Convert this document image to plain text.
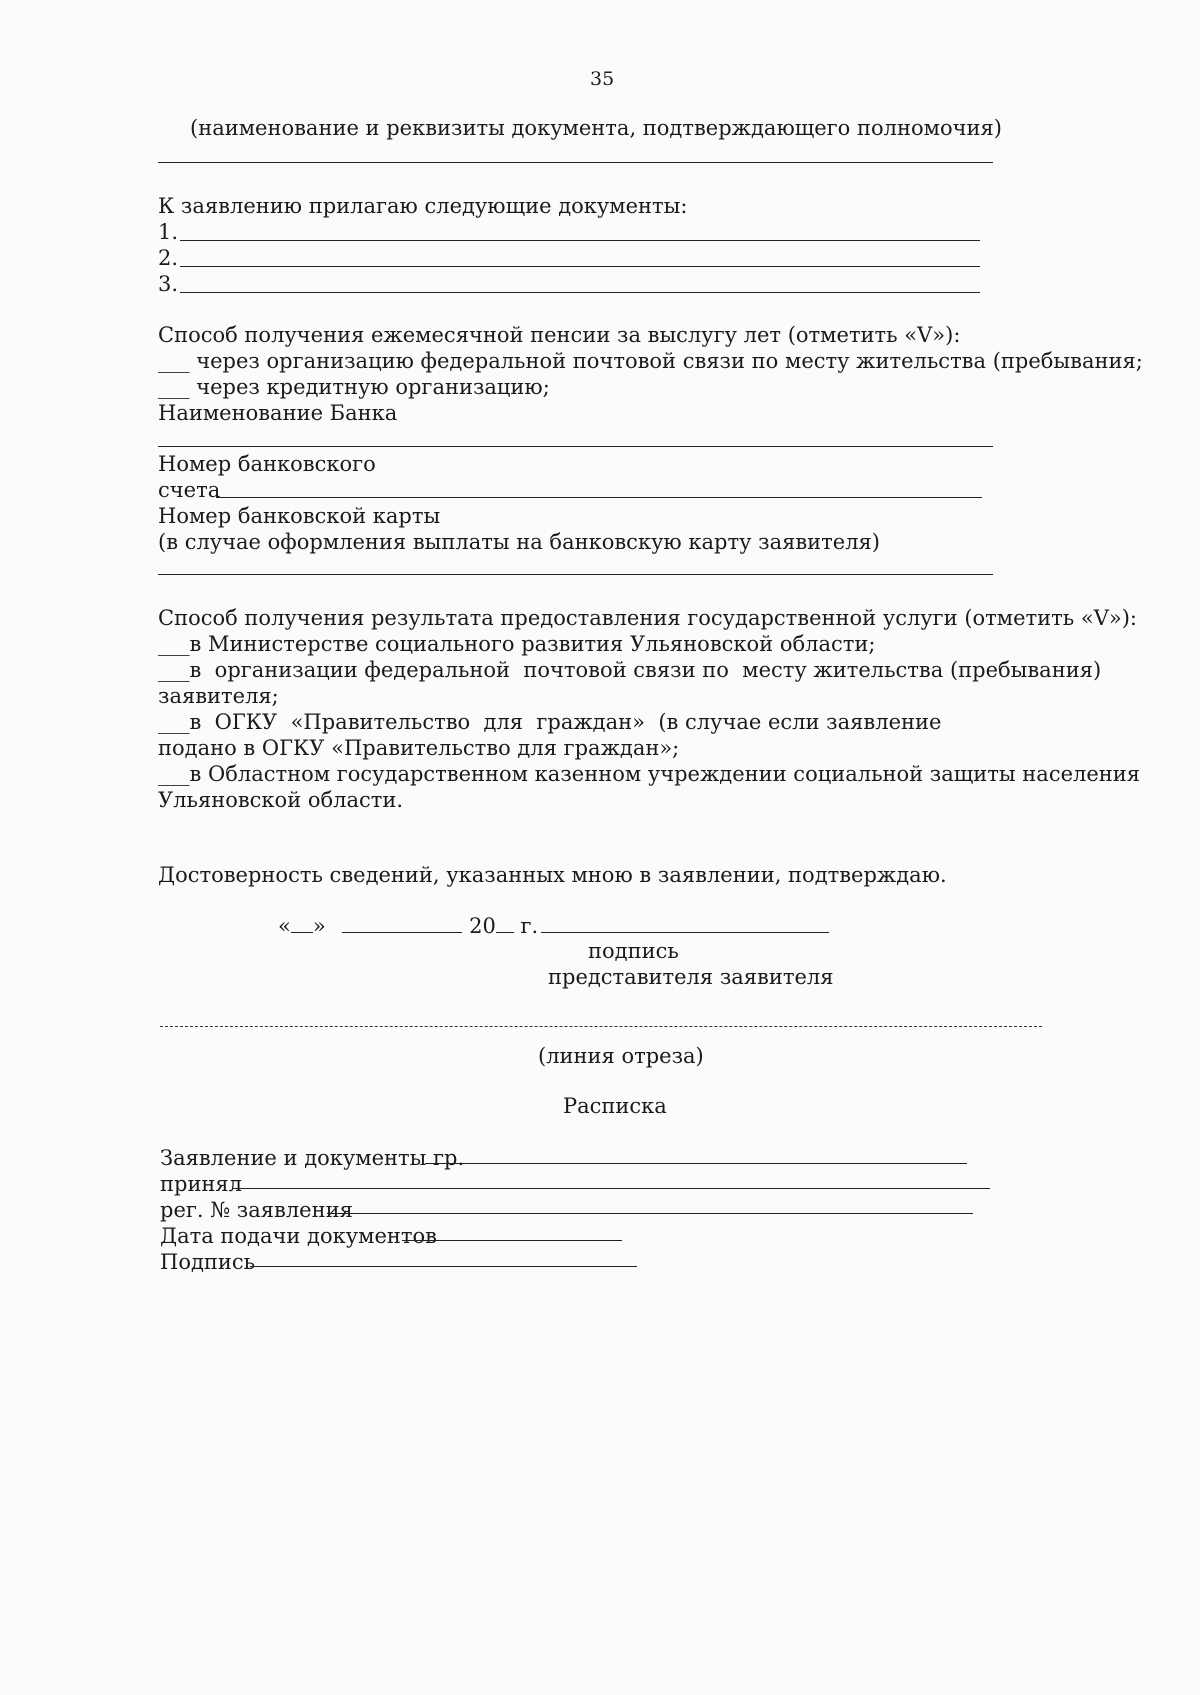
35
(наименование и реквизиты документа, подтверждающего полномочия)
К заявлению прилагаю следующие документы:
1.
2.
3.
Способ получения ежемесячной пенсии за выслугу лет (отметить «V»):
___ через организацию федеральной почтовой связи по месту жительства (пребывания;
___ через кредитную организацию;
Наименование Банка
Номер банковского
счета
Номер банковской карты
(в случае оформления выплаты на банковскую карту заявителя)
Способ получения результата предоставления государственной услуги (отметить «V»):
___в Министерстве социального развития Ульяновской области;
___в  организации федеральной  почтовой связи по  месту жительства (пребывания)
заявителя;
___в  ОГКУ  «Правительство  для  граждан»  (в случае если заявление
подано в ОГКУ «Правительство для граждан»;
___в Областном государственном казенном учреждении социальной защиты населения
Ульяновской области.
Достоверность сведений, указанных мною в заявлении, подтверждаю.
« »	20 г.
подпись
представителя заявителя
(линия отреза)
Расписка
Заявление и документы гр.
принял
рег. № заявления
Дата подачи документов
Подпись
